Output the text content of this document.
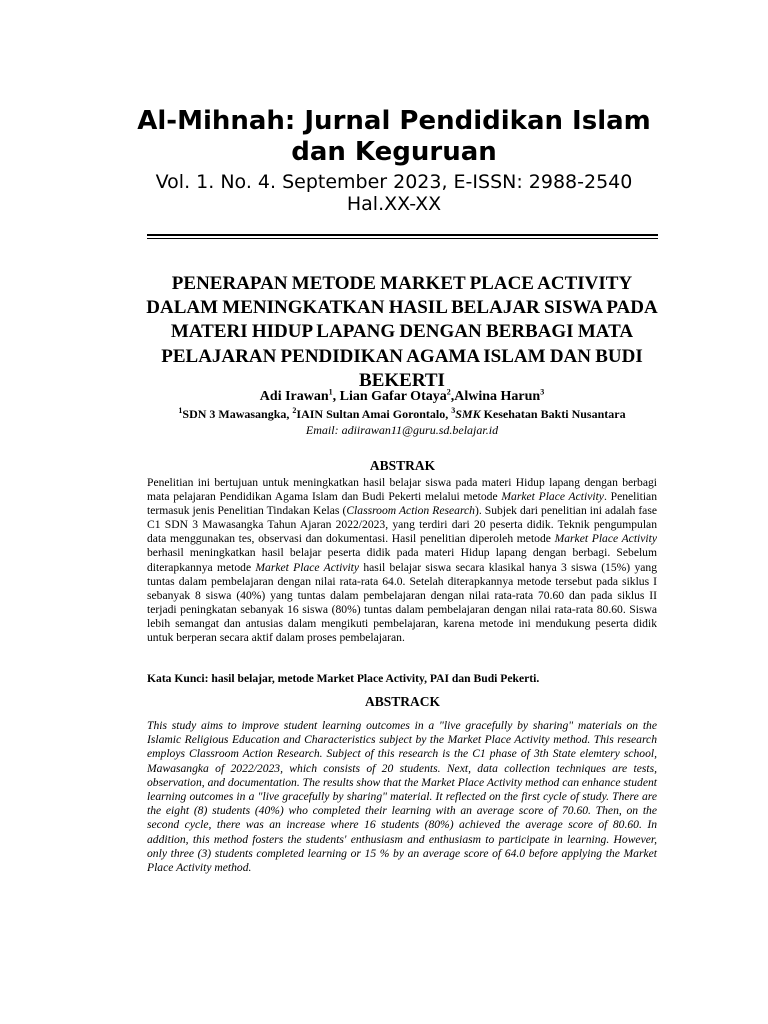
Al-Mihnah: Jurnal Pendidikan Islam dan Keguruan
Vol. 1. No. 4. September 2023, E-ISSN: 2988-2540
Hal.XX-XX
PENERAPAN METODE MARKET PLACE ACTIVITY DALAM MENINGKATKAN HASIL BELAJAR SISWA PADA MATERI HIDUP LAPANG DENGAN BERBAGI MATA PELAJARAN PENDIDIKAN AGAMA ISLAM DAN BUDI BEKERTI
Adi Irawan$^1$, Lian Gafar Otaya$^2$,Alwina Harun$^3$
$^1$SDN 3 Mawasangka, $^2$IAIN Sultan Amai Gorontalo, $^3$SMK Kesehatan Bakti Nusantara
Email: adiirawan11@guru.sd.belajar.id
ABSTRAK
Penelitian ini bertujuan untuk meningkatkan hasil belajar siswa pada materi Hidup lapang dengan berbagi mata pelajaran Pendidikan Agama Islam dan Budi Pekerti melalui metode Market Place Activity. Penelitian termasuk jenis Penelitian Tindakan Kelas (Classroom Action Research). Subjek dari penelitian ini adalah fase C1 SDN 3 Mawasangka Tahun Ajaran 2022/2023, yang terdiri dari 20 peserta didik. Teknik pengumpulan data menggunakan tes, observasi dan dokumentasi. Hasil penelitian diperoleh metode Market Place Activity berhasil meningkatkan hasil belajar peserta didik pada materi Hidup lapang dengan berbagi. Sebelum diterapkannya metode Market Place Activity hasil belajar siswa secara klasikal hanya 3 siswa (15%) yang tuntas dalam pembelajaran dengan nilai rata-rata 64.0. Setelah diterapkannya metode tersebut pada siklus I sebanyak 8 siswa (40%) yang tuntas dalam pembelajaran dengan nilai rata-rata 70.60 dan pada siklus II terjadi peningkatan sebanyak 16 siswa (80%) tuntas dalam pembelajaran dengan nilai rata-rata 80.60. Siswa lebih semangat dan antusias dalam mengikuti pembelajaran, karena metode ini mendukung peserta didik untuk berperan secara aktif dalam proses pembelajaran.
Kata Kunci: hasil belajar, metode Market Place Activity, PAI dan Budi Pekerti.
ABSTRACK
This study aims to improve student learning outcomes in a "live gracefully by sharing" materials on the Islamic Religious Education and Characteristics subject by the Market Place Activity method. This research employs Classroom Action Research. Subject of this research is the C1 phase of 3th State elemtery school, Mawasangka of 2022/2023, which consists of 20 students. Next, data collection techniques are tests, observation, and documentation. The results show that the Market Place Activity method can enhance student learning outcomes in a "live gracefully by sharing" material. It reflected on the first cycle of study. There are the eight (8) students (40%) who completed their learning with an average score of 70.60. Then, on the second cycle, there was an increase where 16 students (80%) achieved the average score of 80.60. In addition, this method fosters the students' enthusiasm and enthusiasm to participate in learning. However, only three (3) students completed learning or 15 % by an average score of 64.0 before applying the Market Place Activity method.
